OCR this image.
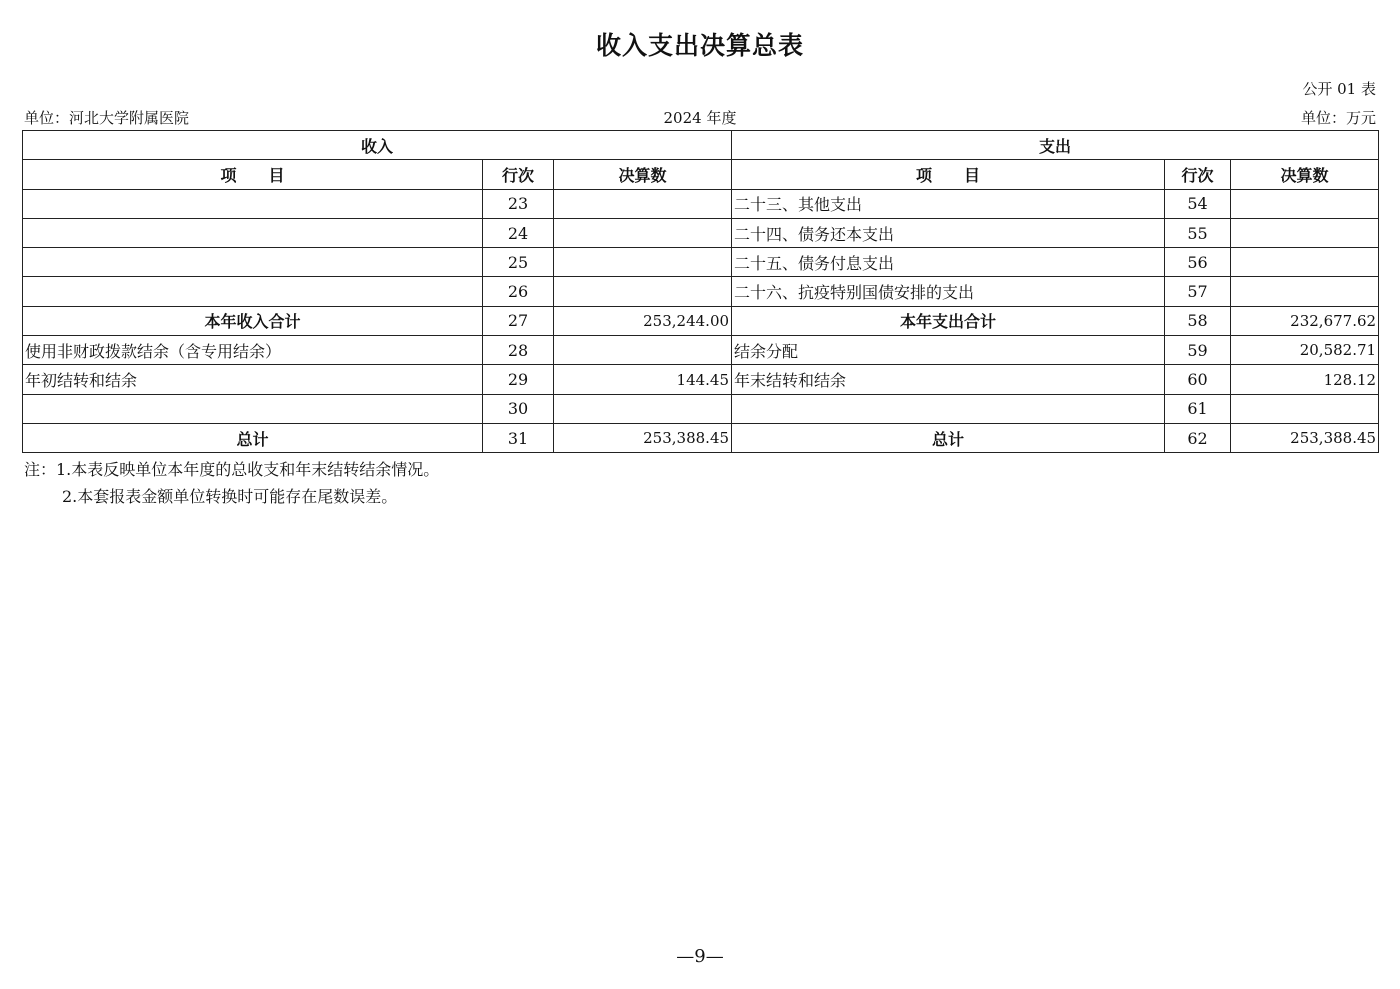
收入支出决算总表
公开 01 表
单位：河北大学附属医院	2024 年度	单位：万元
收入			支出		
项　　目	行次	决算数	项　　目	行次	决算数
	23		二十三、其他支出	54	
	24		二十四、债务还本支出	55	
	25		二十五、债务付息支出	56	
	26		二十六、抗疫特别国债安排的支出	57	
本年收入合计	27	253,244.00	本年支出合计	58	232,677.62
使用非财政拨款结余（含专用结余）	28		结余分配	59	20,582.71
年初结转和结余	29	144.45	年末结转和结余	60	128.12
	30			61	
总计	31	253,388.45	总计	62	253,388.45
注：1.本表反映单位本年度的总收支和年末结转结余情况。
2.本套报表金额单位转换时可能存在尾数误差。
—9—
